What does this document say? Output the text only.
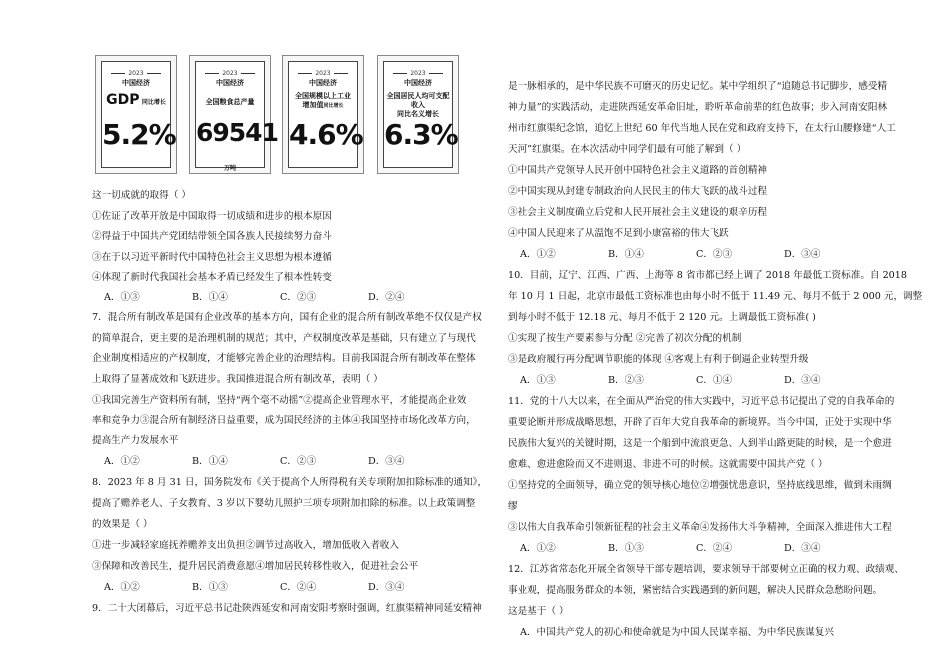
2023
中国经济
GDP 同比增长
5.2%
2023
中国经济
全国粮食总产量
69541万吨
2023
中国经济
全国规模以上工业增加值同比增长
4.6%
2023
中国经济
全国居民人均可支配收入
同比名义增长
6.3%
这一切成就的取得（ ）
①佐证了改革开放是中国取得一切成绩和进步的根本原因
②得益于中国共产党团结带领全国各族人民接续努力奋斗
③在于以习近平新时代中国特色社会主义思想为根本遵循
④体现了新时代我国社会基本矛盾已经发生了根本性转变
A．①③	B．①④	C．②③	D．②④
7．混合所有制改革是国有企业改革的基本方向，国有企业的混合所有制改革绝不仅仅是产权
的简单混合，更主要的是治理机制的规范；其中，产权制度改革是基础，只有建立了与现代
企业制度相适应的产权制度，才能够完善企业的治理结构。目前我国混合所有制改革在整体
上取得了显著成效和飞跃进步。我国推进混合所有制改革，表明（ ）
①我国完善生产资料所有制，坚持“两个毫不动摇”②提高企业管理水平，才能提高企业效
率和竞争力③混合所有制经济日益重要，成为国民经济的主体④我国坚持市场化改革方向，
提高生产力发展水平
A．①②	B．①④	C．②③	D．③④
8．2023 年 8 月 31 日，国务院发布《关于提高个人所得税有关专项附加扣除标准的通知》，
提高了赡养老人、子女教育、3 岁以下婴幼儿照护三项专项附加扣除的标准。以上政策调整
的效果是（ ）
①进一步减轻家庭抚养赡养支出负担②调节过高收入，增加低收入者收入
③保障和改善民生，提升居民消费意愿④增加居民转移性收入，促进社会公平
A．①②	B．①③	C．②④	D．③④
9．二十大闭幕后，习近平总书记赴陕西延安和河南安阳考察时强调，红旗渠精神同延安精神
是一脉相承的，是中华民族不可磨灭的历史记忆。某中学组织了“追随总书记脚步，感受精
神力量”的实践活动，走进陕西延安革命旧址，聆听革命前辈的红色故事；步入河南安阳林
州市红旗渠纪念馆，追忆上世纪 60 年代当地人民在党和政府支持下，在太行山腰修建“人工
天河”红旗渠。在本次活动中同学们最有可能了解到（ ）
①中国共产党领导人民开创中国特色社会主义道路的首创精神
②中国实现从封建专制政治向人民民主的伟大飞跃的战斗过程
③社会主义制度确立后党和人民开展社会主义建设的艰辛历程
④中国人民迎来了从温饱不足到小康富裕的伟大飞跃
A．①②	B．①④	C．②③	D．③④
10．目前，辽宁、江西、广西、上海等 8 省市都已经上调了 2018 年最低工资标准。自 2018
年 10 月 1 日起，北京市最低工资标准也由每小时不低于 11.49 元、每月不低于 2 000 元，调整
到每小时不低于 12.18 元、每月不低于 2 120 元。上调最低工资标准( )
①实现了按生产要素参与分配 ②完善了初次分配的机制
③是政府履行再分配调节职能的体现 ④客观上有利于倒逼企业转型升级
A．①③	B．②③	C．①④	D．③④
11．党的十八大以来，在全面从严治党的伟大实践中，习近平总书记提出了党的自我革命的
重要论断并形成战略思想，开辟了百年大党自我革命的新境界。当今中国，正处于实现中华
民族伟大复兴的关键时期，这是一个船到中流浪更急、人到半山路更陡的时候，是一个愈进
愈难、愈进愈险而又不进则退、非进不可的时候。这就需要中国共产党（ ）
①坚持党的全面领导，确立党的领导核心地位②增强忧患意识，坚持底线思维，做到未雨绸
缪
③以伟大自我革命引领新征程的社会主义革命④发扬伟大斗争精神，全面深入推进伟大工程
A．①②	B．①③	C．②④	D．③④
12．江苏省常态化开展全省领导干部专题培训，要求领导干部要树立正确的权力观、政绩观、
事业观，提高服务群众的本领，紧密结合实践遇到的新问题，解决人民群众急愁盼问题。
这是基于（ ）
A．中国共产党人的初心和使命就是为中国人民谋幸福、为中华民族谋复兴
